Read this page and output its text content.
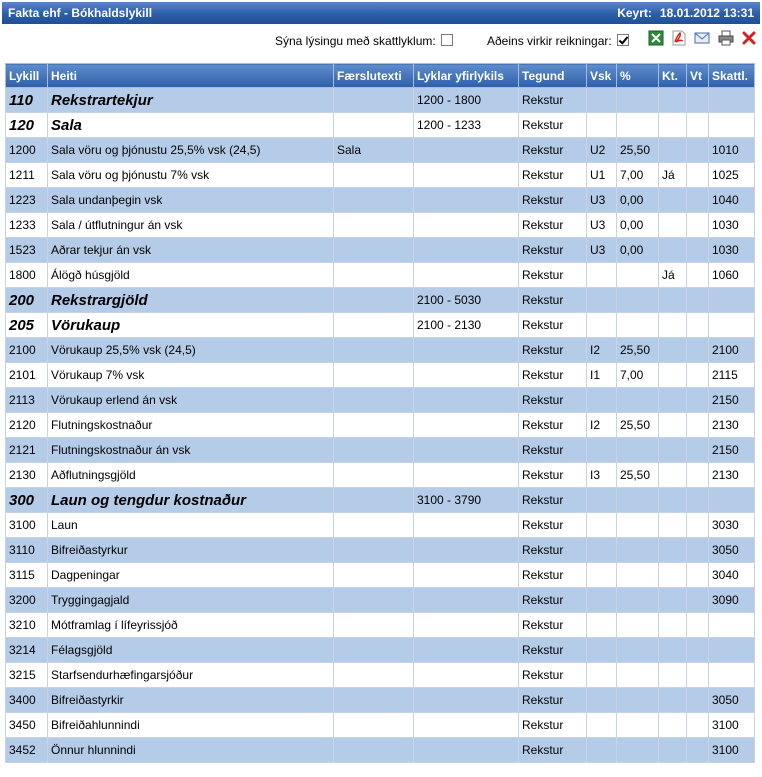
Fakta ehf - Bókhaldslykill	Keyrt: 18.01.2012 13:31
Sýna lýsingu með skattlyklum:	Aðeins virkir reikningar:

Lykill	Heiti	Færslutexti	Lyklar yfirlykils	Tegund	Vsk	%	Kt.	Vt	Skattl.
110	Rekstrartekjur		1200 - 1800	Rekstur					
120	Sala		1200 - 1233	Rekstur					
1200	Sala vöru og þjónustu 25,5% vsk (24,5)	Sala		Rekstur	U2	25,50			1010
1211	Sala vöru og þjónustu 7% vsk			Rekstur	U1	7,00	Já		1025
1223	Sala undanþegin vsk			Rekstur	U3	0,00			1040
1233	Sala / útflutningur án vsk			Rekstur	U3	0,00			1030
1523	Aðrar tekjur án vsk			Rekstur	U3	0,00			1030
1800	Álögð húsgjöld			Rekstur			Já		1060
200	Rekstrargjöld		2100 - 5030	Rekstur					
205	Vörukaup		2100 - 2130	Rekstur					
2100	Vörukaup 25,5% vsk (24,5)			Rekstur	I2	25,50			2100
2101	Vörukaup 7% vsk			Rekstur	I1	7,00			2115
2113	Vörukaup erlend án vsk			Rekstur					2150
2120	Flutningskostnaður			Rekstur	I2	25,50			2130
2121	Flutningskostnaður án vsk			Rekstur					2150
2130	Aðflutningsgjöld			Rekstur	I3	25,50			2130
300	Laun og tengdur kostnaður		3100 - 3790	Rekstur					
3100	Laun			Rekstur					3030
3110	Bifreiðastyrkur			Rekstur					3050
3115	Dagpeningar			Rekstur					3040
3200	Tryggingagjald			Rekstur					3090
3210	Mótframlag í lífeyrissjóð			Rekstur					
3214	Félagsgjöld			Rekstur					
3215	Starfsendurhæfingarsjóður			Rekstur					
3400	Bifreiðastyrkir			Rekstur					3050
3450	Bifreiðahlunnindi			Rekstur					3100
3452	Önnur hlunnindi			Rekstur					3100
